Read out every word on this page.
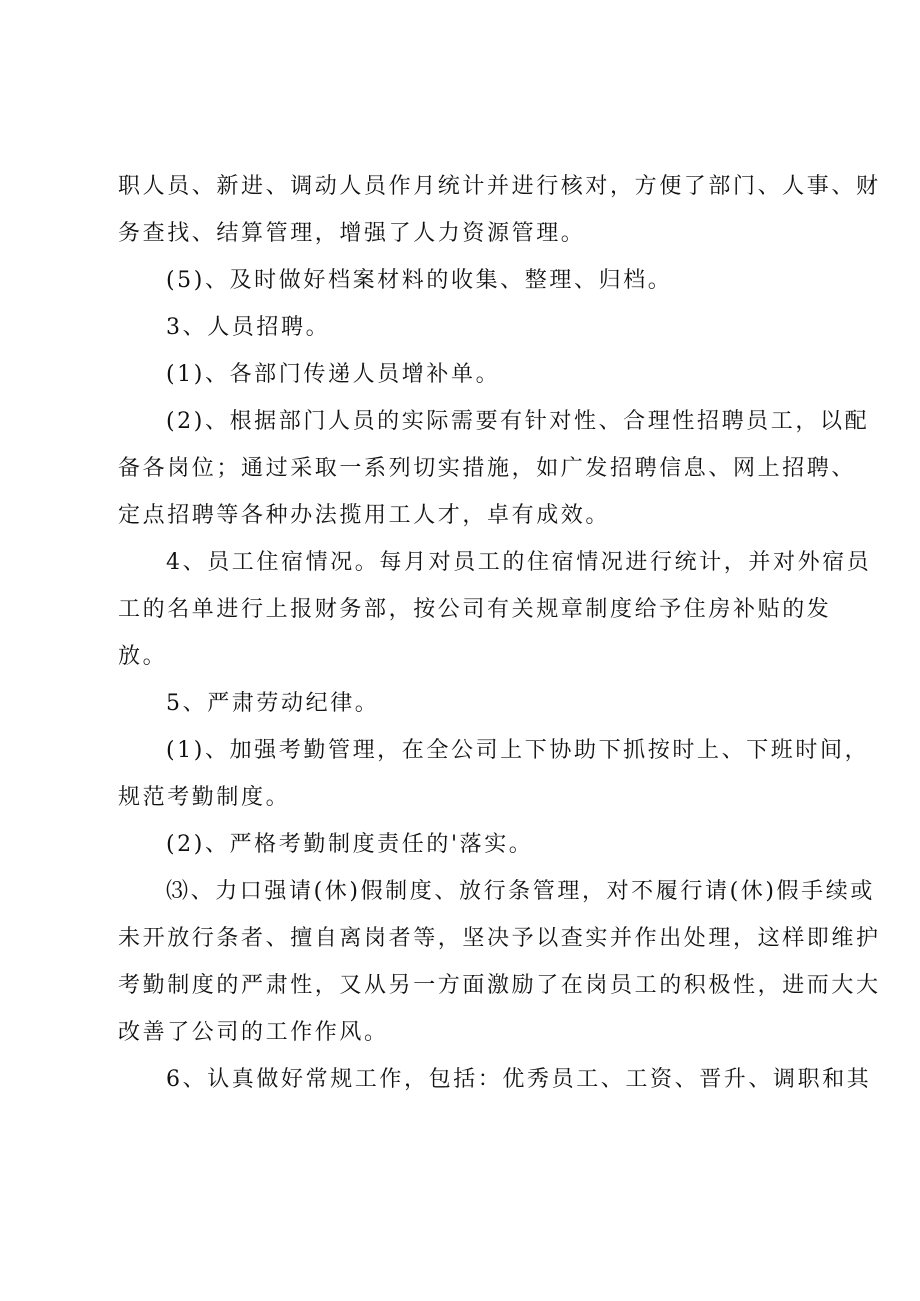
职人员、新进、调动人员作月统计并进行核对，方便了部门、人事、财
务查找、结算管理，增强了人力资源管理。

(5)、及时做好档案材料的收集、整理、归档。

3、人员招聘。

(1)、各部门传递人员增补单。

(2)、根据部门人员的实际需要有针对性、合理性招聘员工，以配
备各岗位；通过采取一系列切实措施，如广发招聘信息、网上招聘、
定点招聘等各种办法揽用工人才，卓有成效。

4、员工住宿情况。每月对员工的住宿情况进行统计，并对外宿员
工的名单进行上报财务部，按公司有关规章制度给予住房补贴的发
放。

5、严肃劳动纪律。

(1)、加强考勤管理，在全公司上下协助下抓按时上、下班时间，
规范考勤制度。

(2)、严格考勤制度责任的'落实。

⑶、力口强请(休)假制度、放行条管理，对不履行请(休)假手续或
未开放行条者、擅自离岗者等，坚决予以查实并作出处理，这样即维护
考勤制度的严肃性，又从另一方面激励了在岗员工的积极性，进而大大
改善了公司的工作作风。

6、认真做好常规工作，包括：优秀员工、工资、晋升、调职和其
